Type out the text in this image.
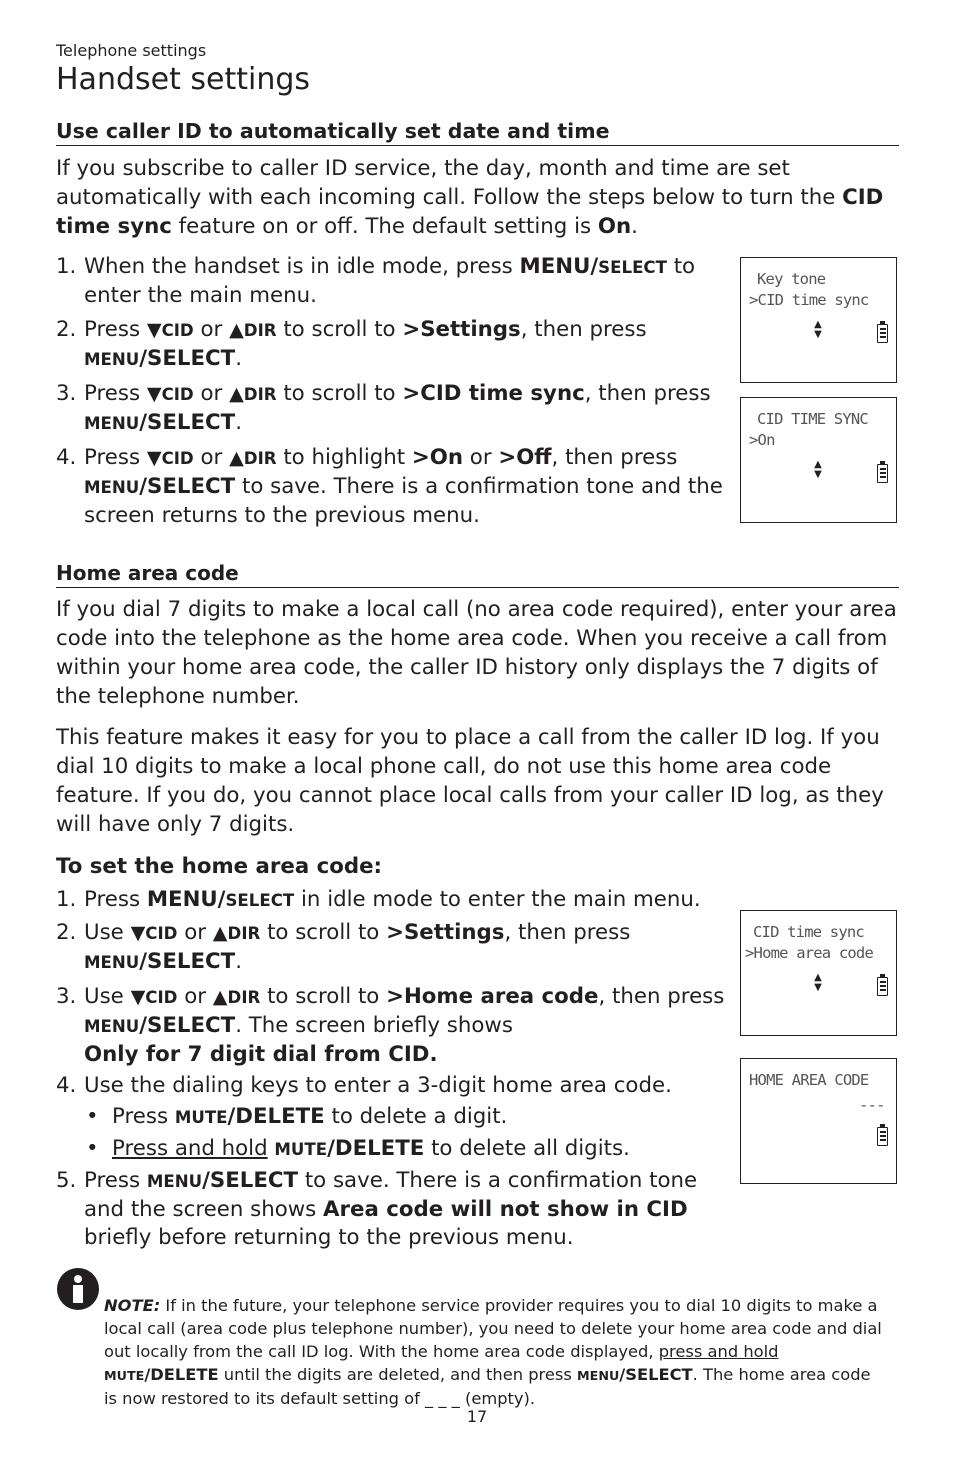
Telephone settings
Handset settings
Use caller ID to automatically set date and time

If you subscribe to caller ID service, the day, month and time are set automatically with each incoming call. Follow the steps below to turn the CID time sync feature on or off. The default setting is On.

1. When the handset is in idle mode, press MENU/SELECT to enter the main menu.
2. Press ▼CID or ▲DIR to scroll to >Settings, then press MENU/SELECT.
3. Press ▼CID or ▲DIR to scroll to >CID time sync, then press MENU/SELECT.
4. Press ▼CID or ▲DIR to highlight >On or >Off, then press MENU/SELECT to save. There is a confirmation tone and the screen returns to the previous menu.
Home area code

If you dial 7 digits to make a local call (no area code required), enter your area code into the telephone as the home area code. When you receive a call from within your home area code, the caller ID history only displays the 7 digits of the telephone number.

This feature makes it easy for you to place a call from the caller ID log. If you dial 10 digits to make a local phone call, do not use this home area code feature. If you do, you cannot place local calls from your caller ID log, as they will have only 7 digits.

To set the home area code:

1. Press MENU/SELECT in idle mode to enter the main menu.
2. Use ▼CID or ▲DIR to scroll to >Settings, then press MENU/SELECT.
3. Use ▼CID or ▲DIR to scroll to >Home area code, then press MENU/SELECT. The screen briefly shows
Only for 7 digit dial from CID.
4. Use the dialing keys to enter a 3-digit home area code.
• Press MUTE/DELETE to delete a digit.
• Press and hold MUTE/DELETE to delete all digits.
5. Press MENU/SELECT to save. There is a confirmation tone and the screen shows Area code will not show in CID briefly before returning to the previous menu.
Key tone
>CID time sync
▲
▼
CID TIME SYNC
>On
▲
▼
CID time sync
>Home area code
▲
▼
HOME AREA CODE
---

NOTE: If in the future, your telephone service provider requires you to dial 10 digits to make a local call (area code plus telephone number), you need to delete your home area code and dial out locally from the call ID log. With the home area code displayed, press and hold MUTE/DELETE until the digits are deleted, and then press MENU/SELECT. The home area code is now restored to its default setting of _ _ _ (empty).

17
